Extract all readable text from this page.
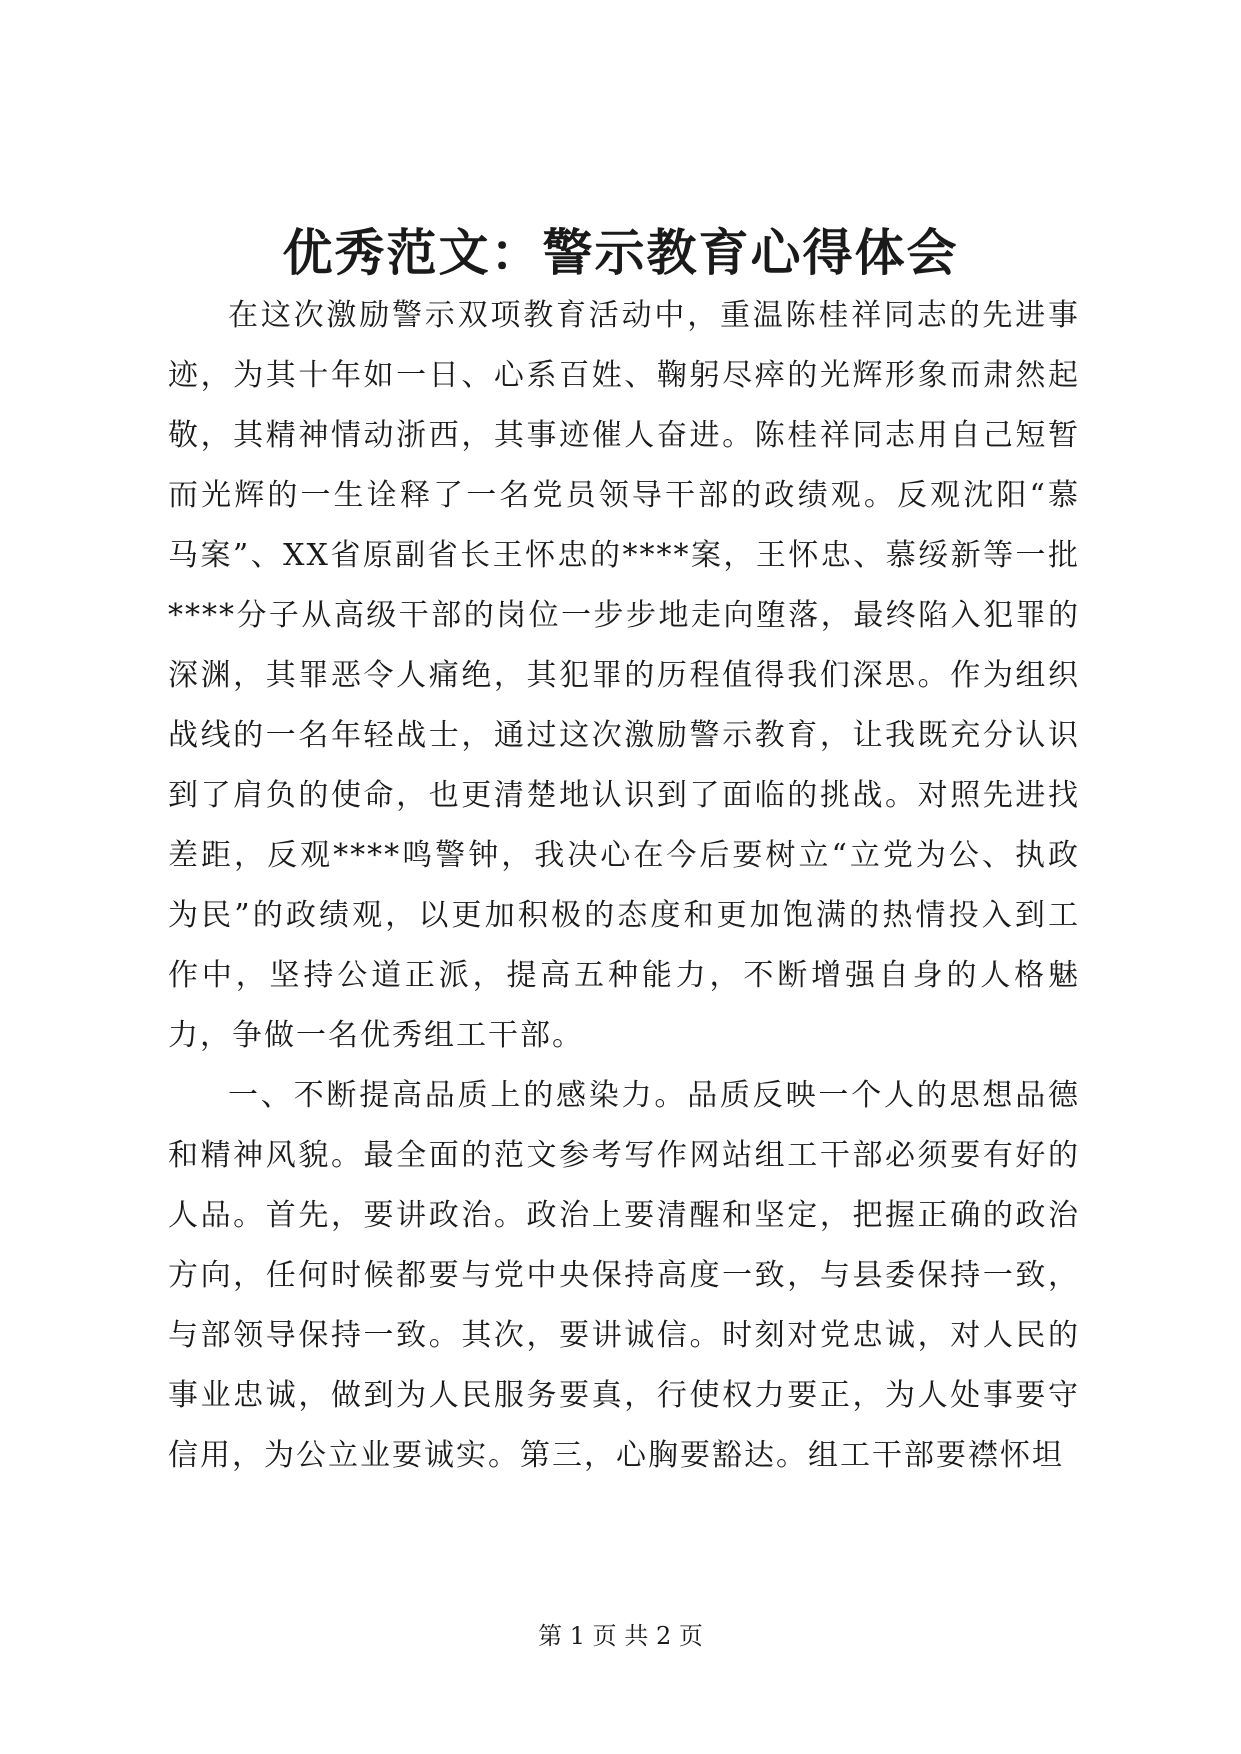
优秀范文：警示教育心得体会

在这次激励警示双项教育活动中，重温陈桂祥同志的先进事迹，为其十年如一日、心系百姓、鞠躬尽瘁的光辉形象而肃然起敬，其精神情动浙西，其事迹催人奋进。陈桂祥同志用自己短暂而光辉的一生诠释了一名党员领导干部的政绩观。反观沈阳“慕马案”、XX省原副省长王怀忠的****案，王怀忠、慕绥新等一批****分子从高级干部的岗位一步步地走向堕落，最终陷入犯罪的深渊，其罪恶令人痛绝，其犯罪的历程值得我们深思。作为组织战线的一名年轻战士，通过这次激励警示教育，让我既充分认识到了肩负的使命，也更清楚地认识到了面临的挑战。对照先进找差距，反观****鸣警钟，我决心在今后要树立“立党为公、执政为民”的政绩观，以更加积极的态度和更加饱满的热情投入到工作中，坚持公道正派，提高五种能力，不断增强自身的人格魅力，争做一名优秀组工干部。

一、不断提高品质上的感染力。品质反映一个人的思想品德和精神风貌。最全面的范文参考写作网站组工干部必须要有好的人品。首先，要讲政治。政治上要清醒和坚定，把握正确的政治方向，任何时候都要与党中央保持高度一致，与县委保持一致，与部领导保持一致。其次，要讲诚信。时刻对党忠诚，对人民的事业忠诚，做到为人民服务要真，行使权力要正，为人处事要守信用，为公立业要诚实。第三，心胸要豁达。组工干部要襟怀坦

第 1 页 共 2 页
